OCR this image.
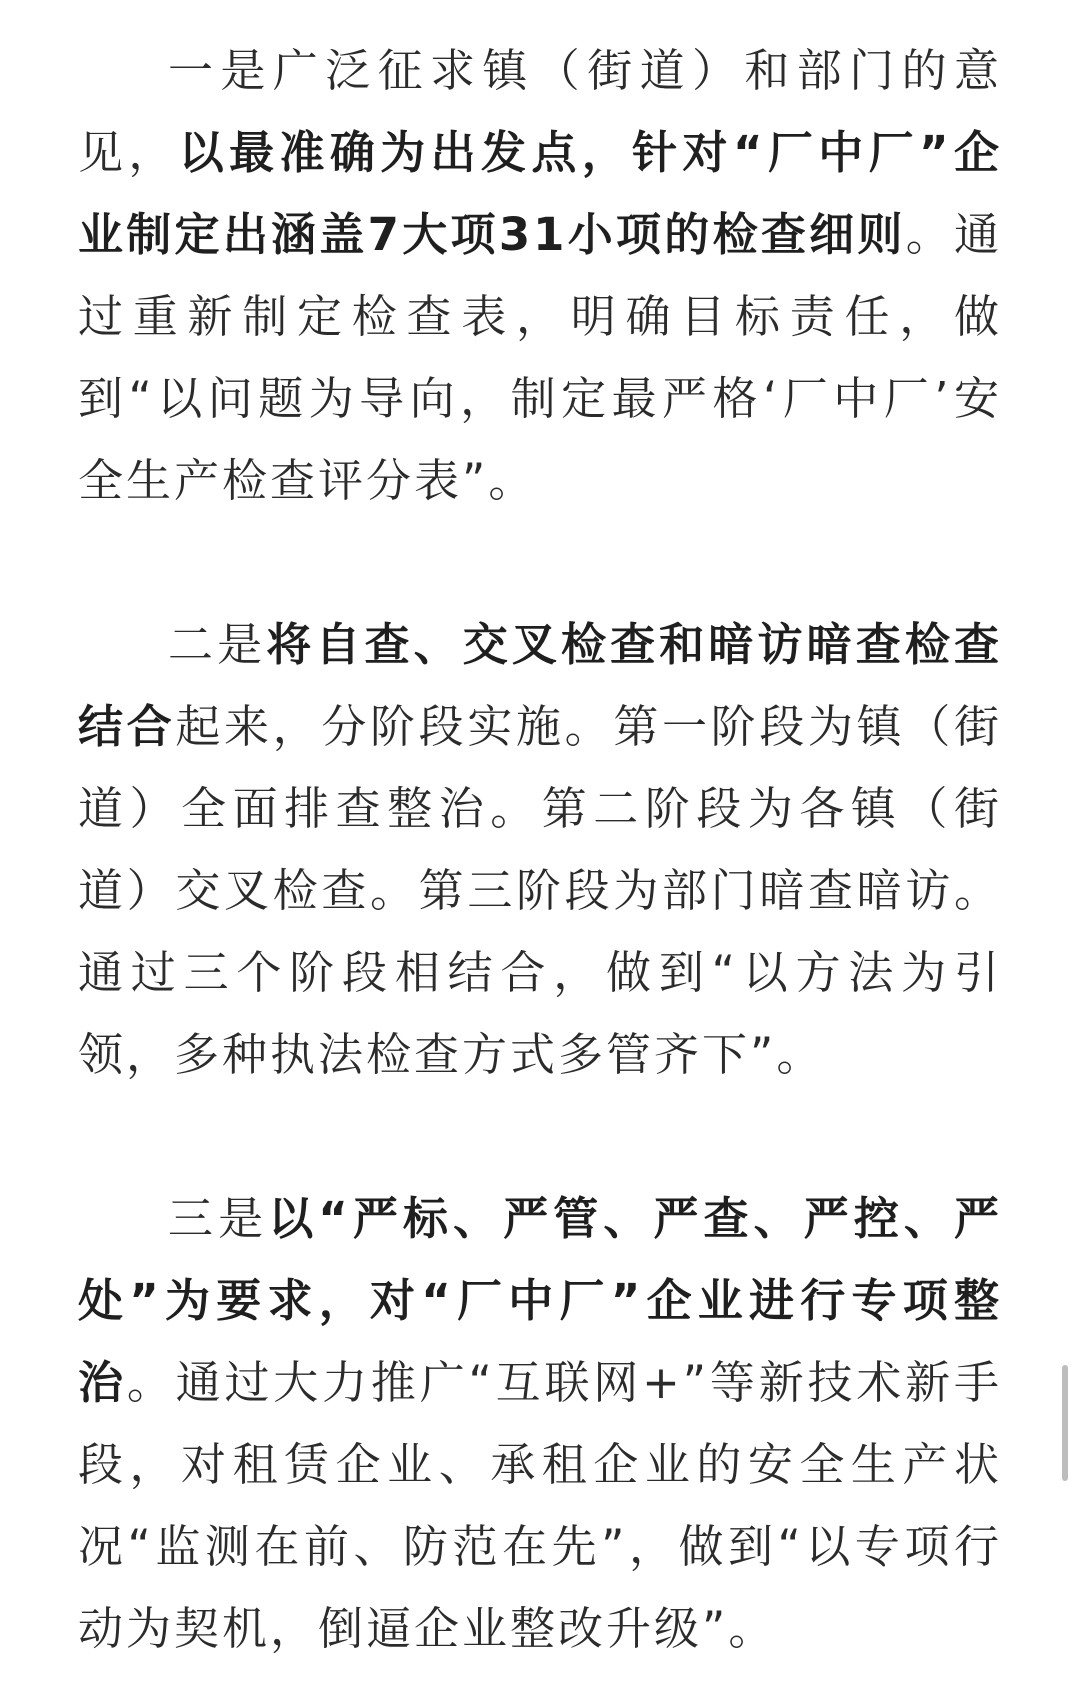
一是广泛征求镇（街道）和部门的意见，以最准确为出发点，针对“厂中厂”企业制定出涵盖7大项31小项的检查细则。通过重新制定检查表，明确目标责任，做到“以问题为导向，制定最严格‘厂中厂’安全生产检查评分表”。

二是将自查、交叉检查和暗访暗查检查结合起来，分阶段实施。第一阶段为镇（街道）全面排查整治。第二阶段为各镇（街道）交叉检查。第三阶段为部门暗查暗访。通过三个阶段相结合，做到“以方法为引领，多种执法检查方式多管齐下”。

三是以“严标、严管、严查、严控、严处”为要求，对“厂中厂”企业进行专项整治。通过大力推广“互联网+”等新技术新手段，对租赁企业、承租企业的安全生产状况“监测在前、防范在先”，做到“以专项行动为契机，倒逼企业整改升级”。
